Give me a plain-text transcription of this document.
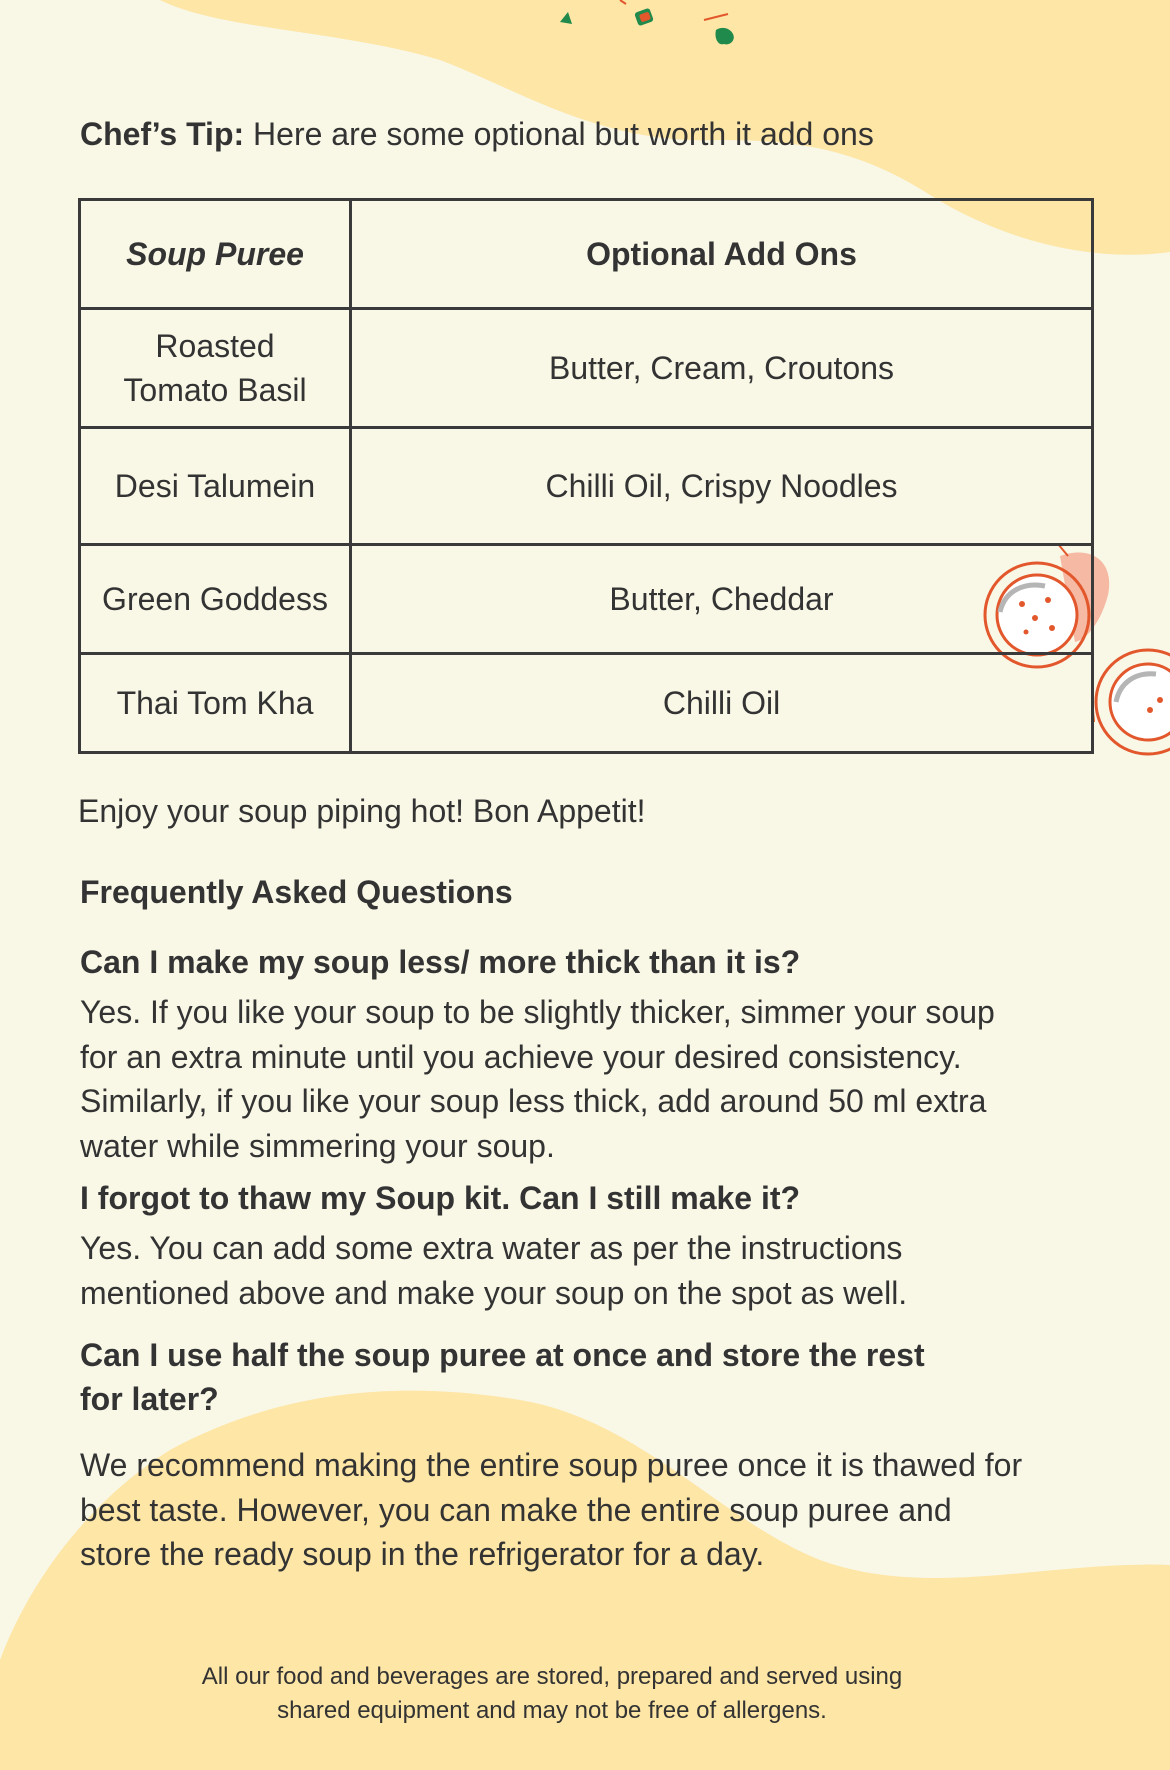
Chef’s Tip: Here are some optional but worth it add ons
Soup Puree	Optional Add Ons

Roasted
Tomato Basil	Butter, Cream, Croutons
Desi Talumein	Chilli Oil, Crispy Noodles
Green Goddess	Butter, Cheddar
Thai Tom Kha	Chilli Oil
Enjoy your soup piping hot! Bon Appetit!
Frequently Asked Questions
Can I make my soup less/ more thick than it is?
Yes. If you like your soup to be slightly thicker, simmer your soup
for an extra minute until you achieve your desired consistency.
Similarly, if you like your soup less thick, add around 50 ml extra
water while simmering your soup.
I forgot to thaw my Soup kit. Can I still make it?
Yes. You can add some extra water as per the instructions
mentioned above and make your soup on the spot as well.
Can I use half the soup puree at once and store the rest
for later?
We recommend making the entire soup puree once it is thawed for
best taste. However, you can make the entire soup puree and
store the ready soup in the refrigerator for a day.
All our food and beverages are stored, prepared and served using
shared equipment and may not be free of allergens.
